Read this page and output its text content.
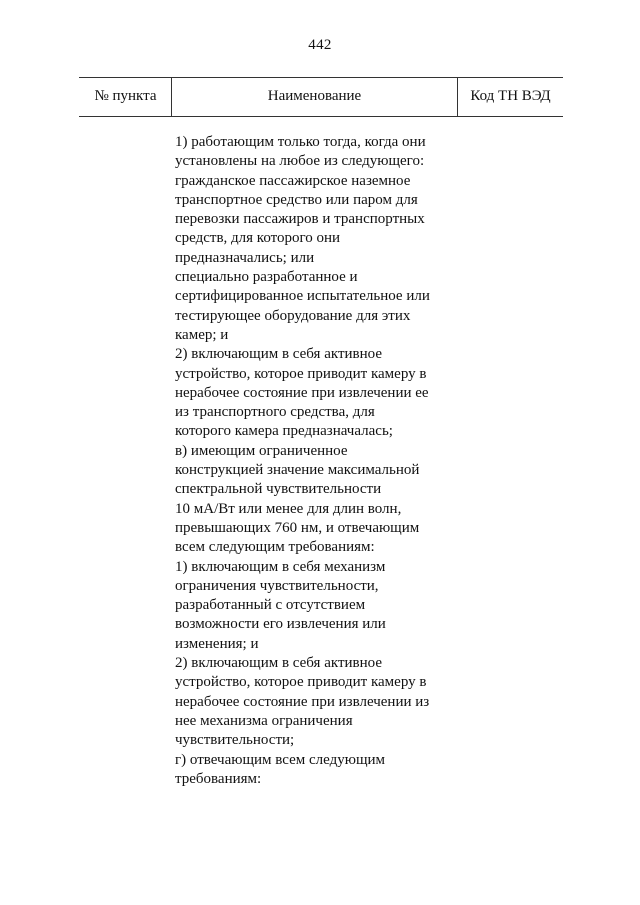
442
№ пункта	Наименование	Код ТН ВЭД
1) работающим только тогда, когда они
установлены на любое из следующего:
гражданское пассажирское наземное
транспортное средство или паром для
перевозки пассажиров и транспортных
средств, для которого они
предназначались; или
специально разработанное и
сертифицированное испытательное или
тестирующее оборудование для этих
камер; и
2) включающим в себя активное
устройство, которое приводит камеру в
нерабочее состояние при извлечении ее
из транспортного средства, для
которого камера предназначалась;
в) имеющим ограниченное
конструкцией значение максимальной
спектральной чувствительности
10 мА/Вт или менее для длин волн,
превышающих 760 нм, и отвечающим
всем следующим требованиям:
1) включающим в себя механизм
ограничения чувствительности,
разработанный с отсутствием
возможности его извлечения или
изменения; и
2) включающим в себя активное
устройство, которое приводит камеру в
нерабочее состояние при извлечении из
нее механизма ограничения
чувствительности;
г) отвечающим всем следующим
требованиям:
